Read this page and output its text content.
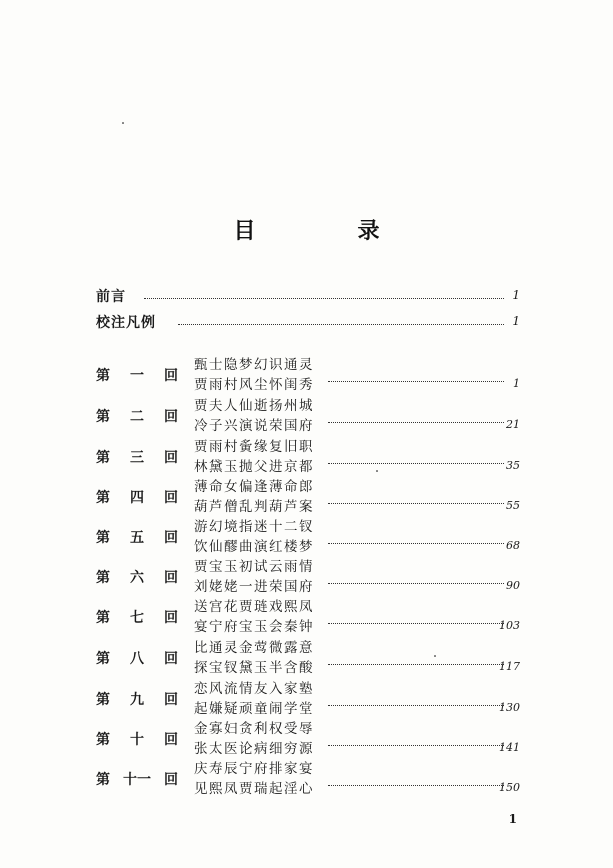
目　录
前言	1
校注凡例	1
第 一 回
甄士隐梦幻识通灵
贾雨村风尘怀闺秀	1
第 二 回
贾夫人仙逝扬州城
冷子兴演说荣国府	21
第 三 回
贾雨村夤缘复旧职
林黛玉抛父进京都	35
第 四 回
薄命女偏逢薄命郎
葫芦僧乱判葫芦案	55
第 五 回
游幻境指迷十二钗
饮仙醪曲演红楼梦	68
第 六 回
贾宝玉初试云雨情
刘姥姥一进荣国府	90
第 七 回
送宫花贾琏戏熙凤
宴宁府宝玉会秦钟	103
第 八 回
比通灵金莺微露意
探宝钗黛玉半含酸	117
第 九 回
恋风流情友入家塾
起嫌疑顽童闹学堂	130
第 十 回
金寡妇贪利权受辱
张太医论病细穷源	141
第 十一 回
庆寿辰宁府排家宴
见熙凤贾瑞起淫心	150
1
